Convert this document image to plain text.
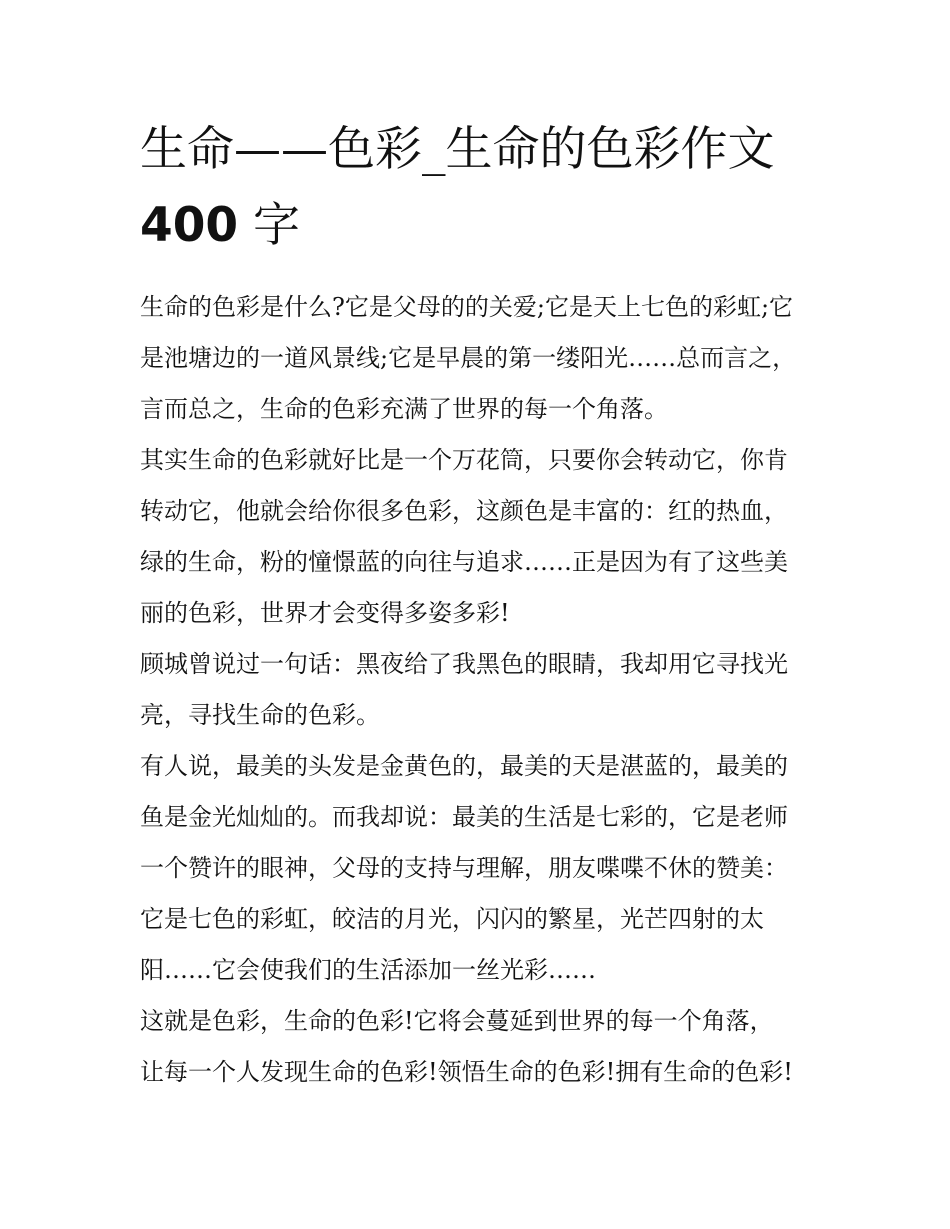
生命——色彩_生命的色彩作文
400 字

生命的色彩是什么?它是父母的的关爱;它是天上七色的彩虹;它
是池塘边的一道风景线;它是早晨的第一缕阳光……总而言之，
言而总之，生命的色彩充满了世界的每一个角落。

其实生命的色彩就好比是一个万花筒，只要你会转动它，你肯
转动它，他就会给你很多色彩，这颜色是丰富的：红的热血，
绿的生命，粉的憧憬蓝的向往与追求……正是因为有了这些美
丽的色彩，世界才会变得多姿多彩!

顾城曾说过一句话：黑夜给了我黑色的眼睛，我却用它寻找光
亮，寻找生命的色彩。

有人说，最美的头发是金黄色的，最美的天是湛蓝的，最美的
鱼是金光灿灿的。而我却说：最美的生活是七彩的，它是老师
一个赞许的眼神，父母的支持与理解，朋友喋喋不休的赞美：
它是七色的彩虹，皎洁的月光，闪闪的繁星，光芒四射的太
阳……它会使我们的生活添加一丝光彩……

这就是色彩，生命的色彩!它将会蔓延到世界的每一个角落，
让每一个人发现生命的色彩!领悟生命的色彩!拥有生命的色彩!
